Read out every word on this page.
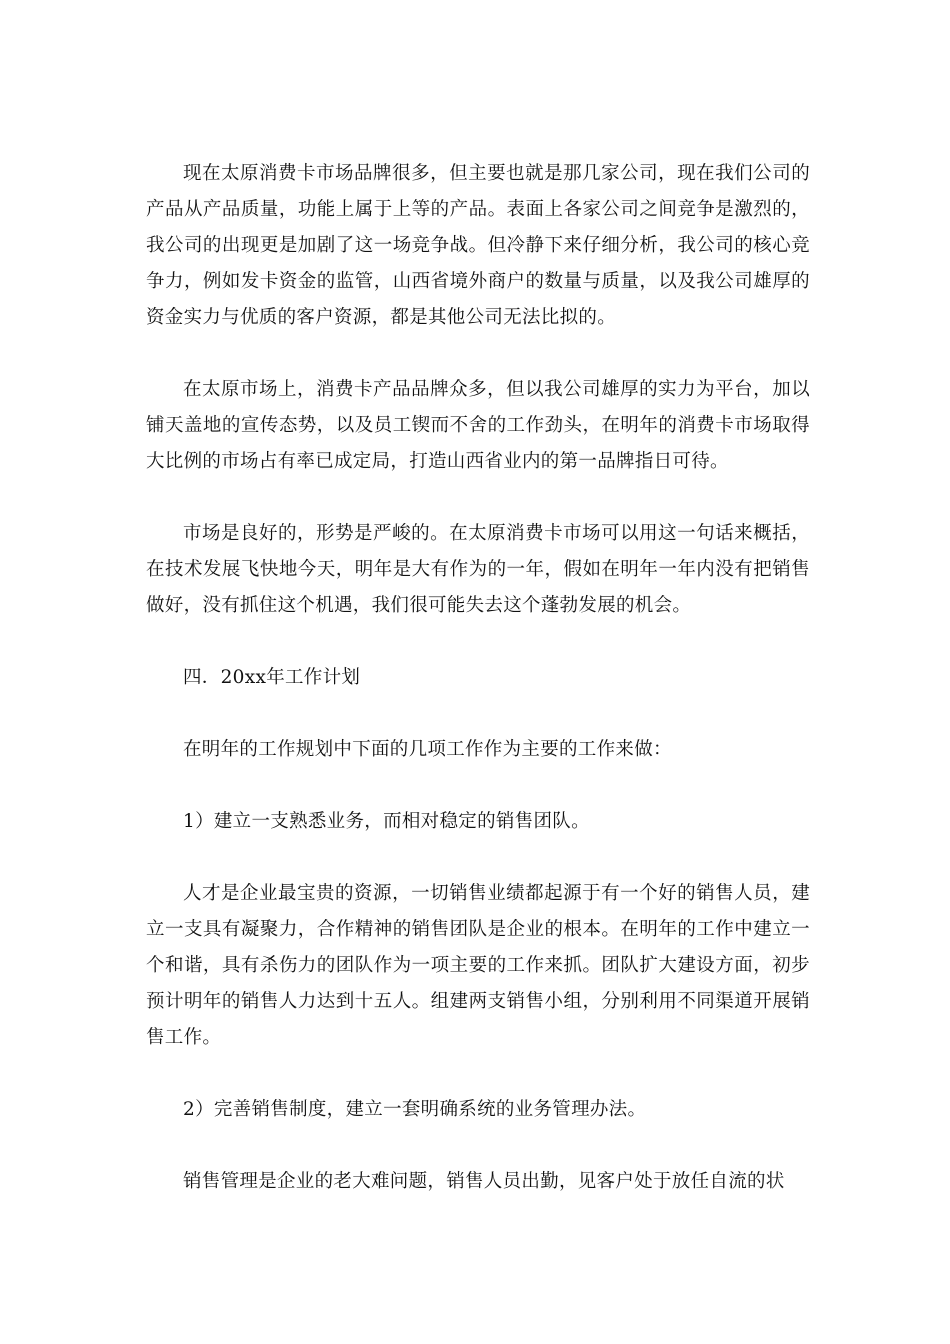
现在太原消费卡市场品牌很多，但主要也就是那几家公司，现在我们公司的产品从产品质量，功能上属于上等的产品。表面上各家公司之间竞争是激烈的，我公司的出现更是加剧了这一场竞争战。但冷静下来仔细分析，我公司的核心竞争力，例如发卡资金的监管，山西省境外商户的数量与质量，以及我公司雄厚的资金实力与优质的客户资源，都是其他公司无法比拟的。

在太原市场上，消费卡产品品牌众多，但以我公司雄厚的实力为平台，加以铺天盖地的宣传态势，以及员工锲而不舍的工作劲头，在明年的消费卡市场取得大比例的市场占有率已成定局，打造山西省业内的第一品牌指日可待。

市场是良好的，形势是严峻的。在太原消费卡市场可以用这一句话来概括，在技术发展飞快地今天，明年是大有作为的一年，假如在明年一年内没有把销售做好，没有抓住这个机遇，我们很可能失去这个蓬勃发展的机会。

四．20xx年工作计划

在明年的工作规划中下面的几项工作作为主要的工作来做：

1）建立一支熟悉业务，而相对稳定的销售团队。

人才是企业最宝贵的资源，一切销售业绩都起源于有一个好的销售人员，建立一支具有凝聚力，合作精神的销售团队是企业的根本。在明年的工作中建立一个和谐，具有杀伤力的团队作为一项主要的工作来抓。团队扩大建设方面，初步预计明年的销售人力达到十五人。组建两支销售小组，分别利用不同渠道开展销售工作。

2）完善销售制度，建立一套明确系统的业务管理办法。

销售管理是企业的老大难问题，销售人员出勤，见客户处于放任自流的状
